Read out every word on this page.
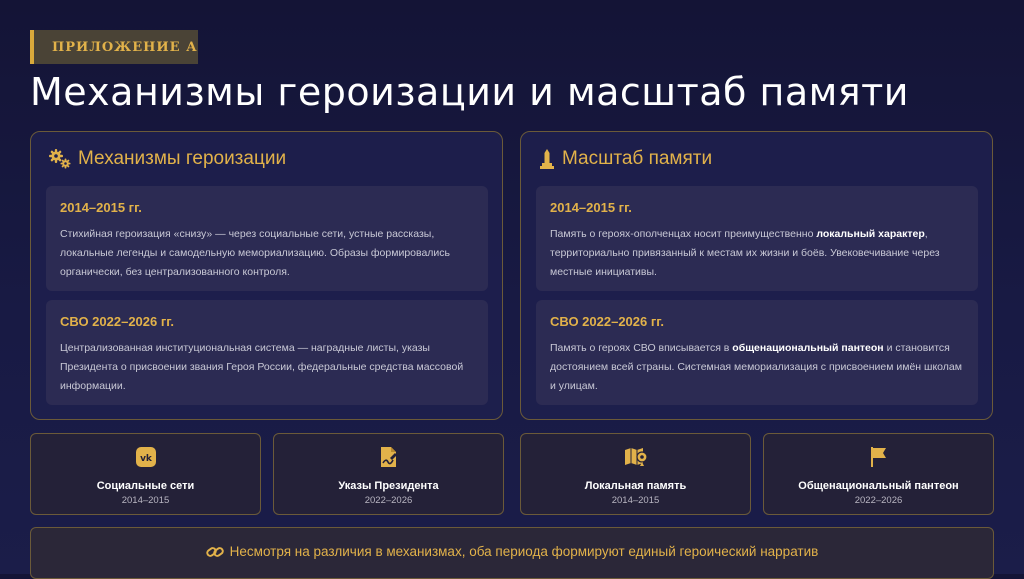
ПРИЛОЖЕНИЕ А
Механизмы героизации и масштаб памяти
Механизмы героизации
2014–2015 гг.
Стихийная героизация «снизу» — через социальные сети, устные рассказы, локальные легенды и самодельную мемориализацию. Образы формировались органически, без централизованного контроля.
СВО 2022–2026 гг.
Централизованная институциональная система — наградные листы, указы Президента о присвоении звания Героя России, федеральные средства массовой информации.
Масштаб памяти
2014–2015 гг.
Память о героях-ополченцах носит преимущественно локальный характер, территориально привязанный к местам их жизни и боёв. Увековечивание через местные инициативы.
СВО 2022–2026 гг.
Память о героях СВО вписывается в общенациональный пантеон и становится достоянием всей страны. Системная мемориализация с присвоением имён школам и улицам.
vk
Социальные сети
2014–2015
Указы Президента
2022–2026
Локальная память
2014–2015
Общенациональный пантеон
2022–2026
Несмотря на различия в механизмах, оба периода формируют единый героический нарратив
